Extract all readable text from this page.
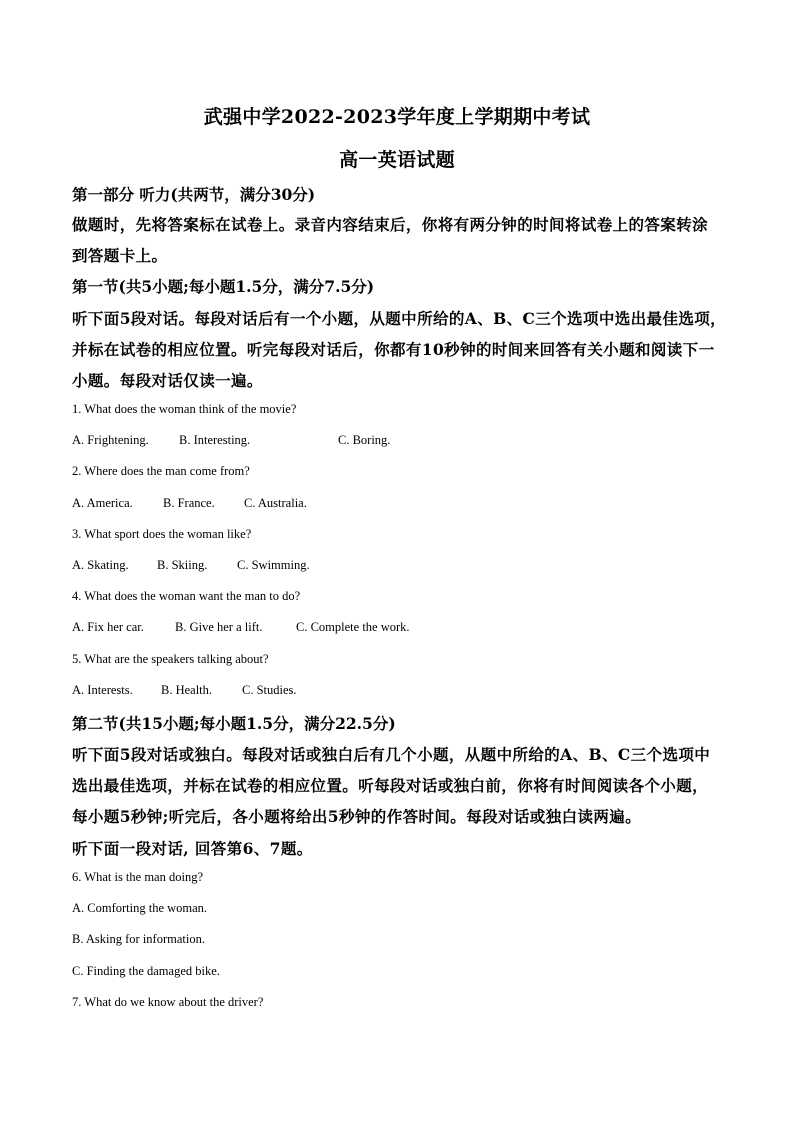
武强中学2022-2023学年度上学期期中考试
高一英语试题
第一部分 听力(共两节，满分30分)
做题时，先将答案标在试卷上。录音内容结束后，你将有两分钟的时间将试卷上的答案转涂
到答题卡上。
第一节(共5小题;每小题1.5分，满分7.5分)
听下面5段对话。每段对话后有一个小题，从题中所给的A、B、C三个选项中选出最佳选项，
并标在试卷的相应位置。听完每段对话后，你都有10秒钟的时间来回答有关小题和阅读下一
小题。每段对话仅读一遍。
1. What does the woman think of the movie?
A. Frightening. B. Interesting.	C. Boring.
2. Where does the man come from?
A. America. B. France. C. Australia.
3. What sport does the woman like?
A. Skating. B. Skiing. C. Swimming.
4. What does the woman want the man to do?
A. Fix her car. B. Give her a lift.	C. Complete the work.
5. What are the speakers talking about?
A. Interests. B. Health. C. Studies.
第二节(共15小题;每小题1.5分，满分22.5分)
听下面5段对话或独白。每段对话或独白后有几个小题，从题中所给的A、B、C三个选项中
选出最佳选项，并标在试卷的相应位置。听每段对话或独白前，你将有时间阅读各个小题，
每小题5秒钟;听完后，各小题将给出5秒钟的作答时间。每段对话或独白读两遍。
听下面一段对话, 回答第6、7题。
6. What is the man doing?
A. Comforting the woman.
B. Asking for information.
C. Finding the damaged bike.
7. What do we know about the driver?
